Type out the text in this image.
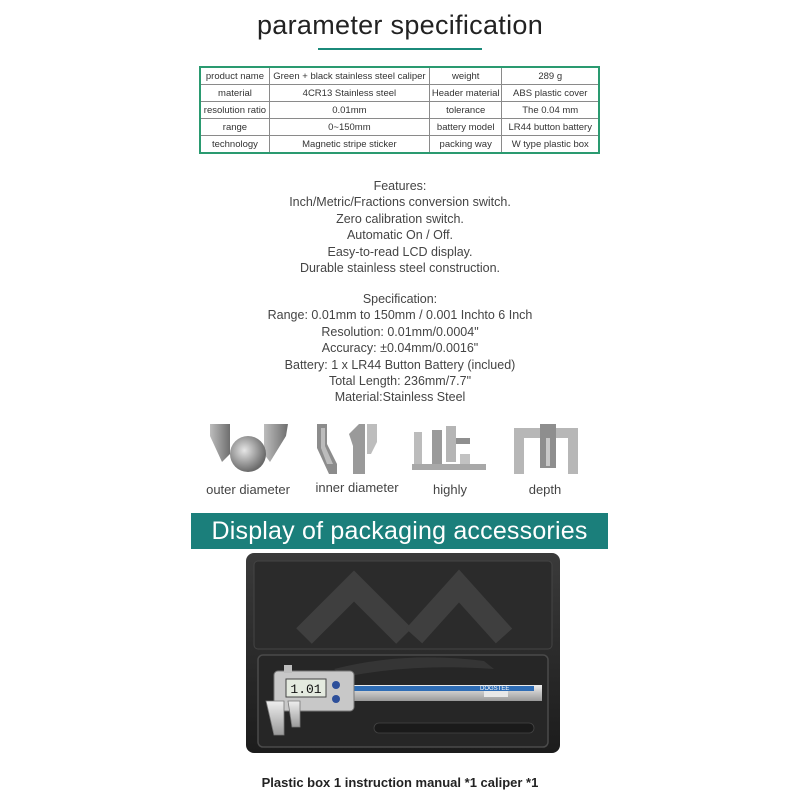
parameter specification
product name	Green + black stainless steel caliper	weight	289 g
material	4CR13 Stainless steel	Header material	ABS plastic cover
resolution ratio	0.01mm	tolerance	The 0.04 mm
range	0~150mm	battery model	LR44 button battery
technology	Magnetic stripe sticker	packing way	W type plastic box
Features:
Inch/Metric/Fractions conversion switch.
Zero calibration switch.
Automatic On / Off.
Easy-to-read LCD display.
Durable stainless steel construction.
Specification:
Range: 0.01mm to 150mm / 0.001 Inchto 6 Inch
Resolution: 0.01mm/0.0004"
Accuracy: ±0.04mm/0.0016"
Battery: 1 x LR44 Button Battery (inclued)
Total Length: 236mm/7.7"
Material:Stainless Steel
outer diameter inner diameter	highly	depth
Display of packaging accessories
1.01	DOGSTEE
Plastic box 1 instruction manual *1 caliper *1
